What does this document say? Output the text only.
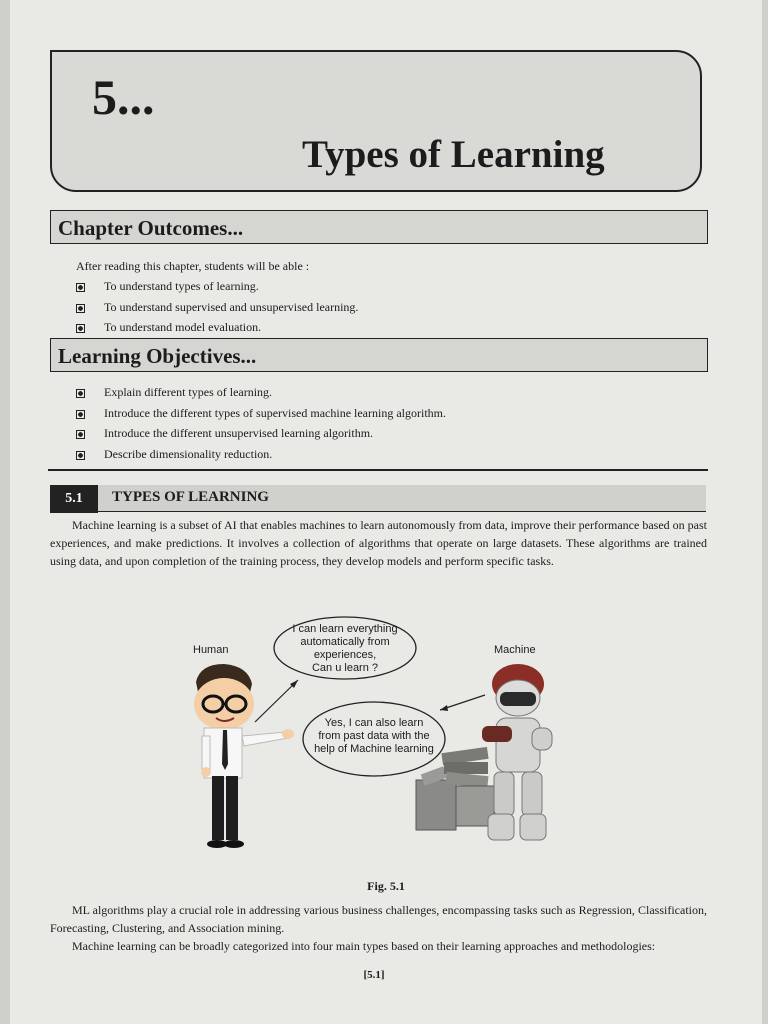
5...
Types of Learning
Chapter Outcomes...
After reading this chapter, students will be able :
To understand types of learning.
To understand supervised and unsupervised learning.
To understand model evaluation.
Learning Objectives...
Explain different types of learning.
Introduce the different types of supervised machine learning algorithm.
Introduce the different unsupervised learning algorithm.
Describe dimensionality reduction.
5.1	TYPES OF LEARNING
Machine learning is a subset of AI that enables machines to learn autonomously from data, improve their performance based on past experiences, and make predictions. It involves a collection of algorithms that operate on large datasets. These algorithms are trained using data, and upon completion of the training process, they develop models and perform specific tasks.
Human	Machine
I can learn everything
automatically from
experiences,
Can u learn ?
Yes, I can also learn
from past data with the
help of Machine learning
Fig. 5.1
ML algorithms play a crucial role in addressing various business challenges, encompassing tasks such as Regression, Classification, Forecasting, Clustering, and Association mining.
Machine learning can be broadly categorized into four main types based on their learning approaches and methodologies:
[5.1]
